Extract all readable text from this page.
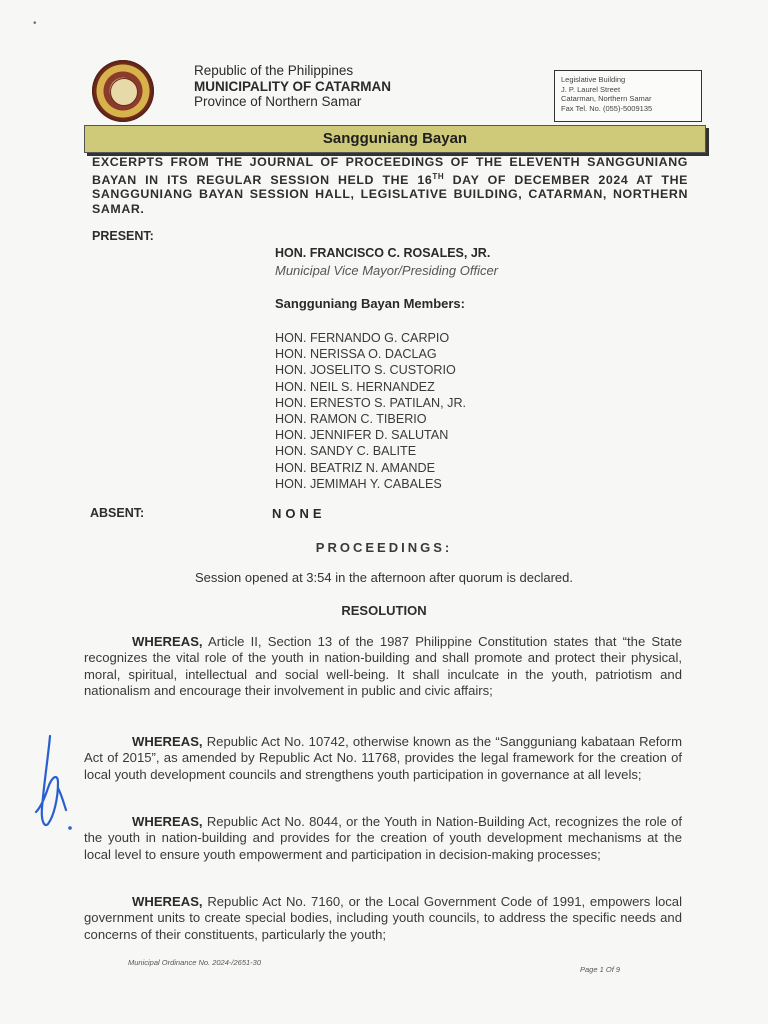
•
Republic of the Philippines
MUNICIPALITY OF CATARMAN
Province of Northern Samar
Legislative Building
J. P. Laurel Street
Catarman, Northern Samar
Fax Tel. No. (055)-5009135
Sangguniang Bayan
EXCERPTS FROM THE JOURNAL OF PROCEEDINGS OF THE ELEVENTH SANGGUNIANG BAYAN IN ITS REGULAR SESSION HELD THE 16TH DAY OF DECEMBER 2024 AT THE SANGGUNIANG BAYAN SESSION HALL, LEGISLATIVE BUILDING, CATARMAN, NORTHERN SAMAR.
PRESENT:
HON. FRANCISCO C. ROSALES, JR.
Municipal Vice Mayor/Presiding Officer
Sangguniang Bayan Members:
HON. FERNANDO G. CARPIO
HON. NERISSA O. DACLAG
HON. JOSELITO S. CUSTORIO
HON. NEIL S. HERNANDEZ
HON. ERNESTO S. PATILAN, JR.
HON. RAMON C. TIBERIO
HON. JENNIFER D. SALUTAN
HON. SANDY C. BALITE
HON. BEATRIZ N. AMANDE
HON. JEMIMAH Y. CABALES
ABSENT:	NONE
PROCEEDINGS:
Session opened at 3:54 in the afternoon after quorum is declared.
RESOLUTION
WHEREAS, Article II, Section 13 of the 1987 Philippine Constitution states that “the State recognizes the vital role of the youth in nation-building and shall promote and protect their physical, moral, spiritual, intellectual and social well-being. It shall inculcate in the youth, patriotism and nationalism and encourage their involvement in public and civic affairs;
WHEREAS, Republic Act No. 10742, otherwise known as the “Sangguniang kabataan Reform Act of 2015”, as amended by Republic Act No. 11768, provides the legal framework for the creation of local youth development councils and strengthens youth participation in governance at all levels;
WHEREAS, Republic Act No. 8044, or the Youth in Nation-Building Act, recognizes the role of the youth in nation-building and provides for the creation of youth development mechanisms at the local level to ensure youth empowerment and participation in decision-making processes;
WHEREAS, Republic Act No. 7160, or the Local Government Code of 1991, empowers local government units to create special bodies, including youth councils, to address the specific needs and concerns of their constituents, particularly the youth;
Municipal Ordinance No. 2024-/2651-30
Page 1 Of 9
